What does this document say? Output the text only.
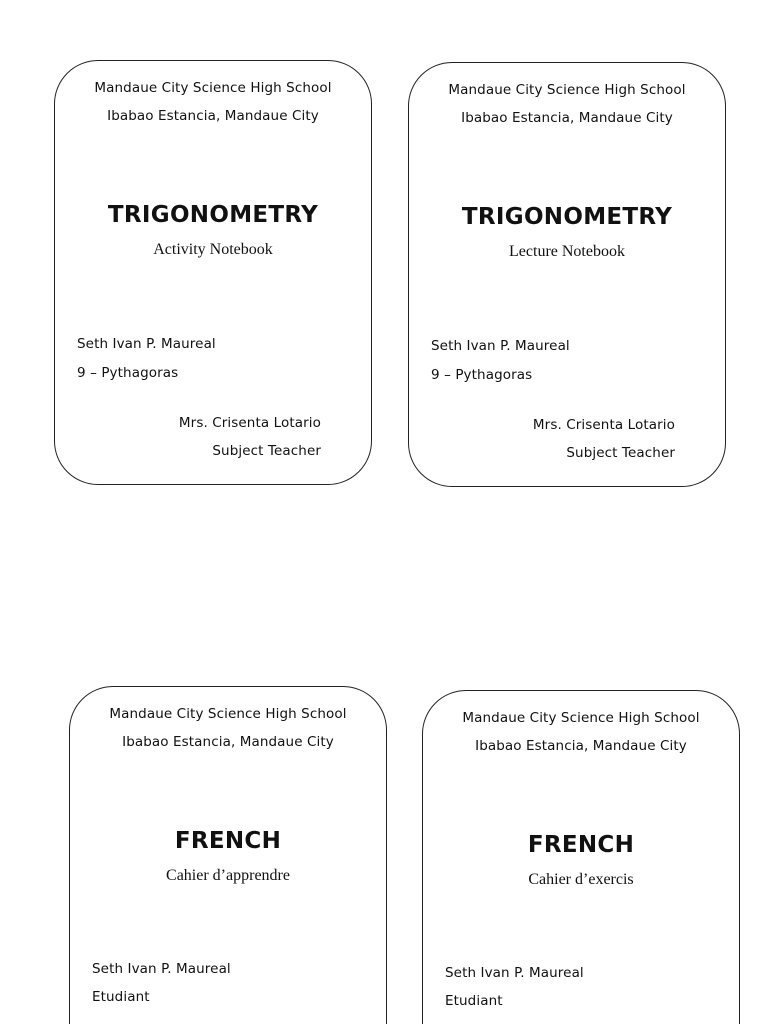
Mandaue City Science High School
Ibabao Estancia, Mandaue City
TRIGONOMETRY
Activity Notebook
Seth Ivan P. Maureal
9 – Pythagoras
Mrs. Crisenta Lotario
Subject Teacher
Mandaue City Science High School
Ibabao Estancia, Mandaue City
TRIGONOMETRY
Lecture Notebook
Seth Ivan P. Maureal
9 – Pythagoras
Mrs. Crisenta Lotario
Subject Teacher
Mandaue City Science High School
Ibabao Estancia, Mandaue City
FRENCH
Cahier d’apprendre
Seth Ivan P. Maureal
Etudiant
Mandaue City Science High School
Ibabao Estancia, Mandaue City
FRENCH
Cahier d’exercis
Seth Ivan P. Maureal
Etudiant
